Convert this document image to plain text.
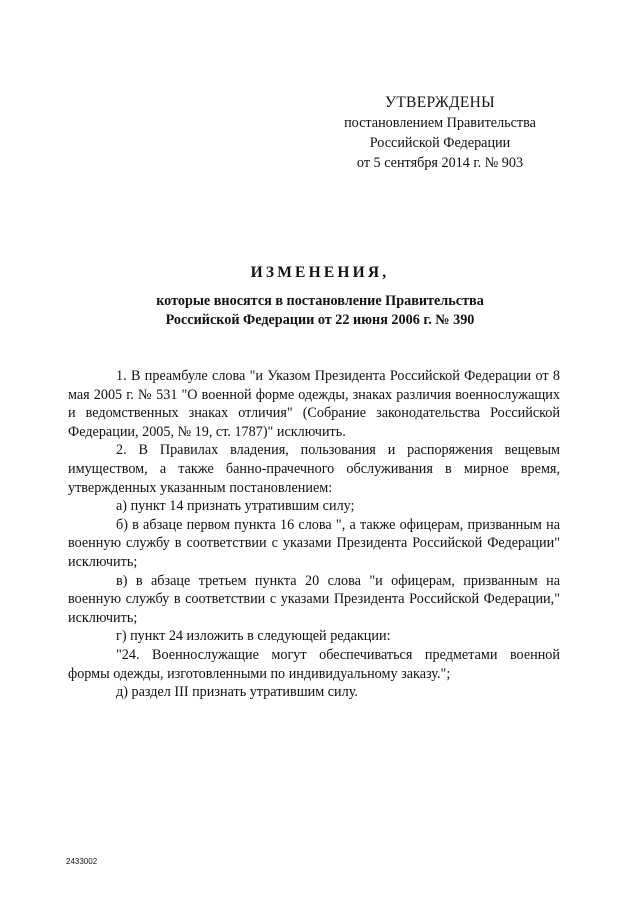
УТВЕРЖДЕНЫ
постановлением Правительства
Российской Федерации
от 5 сентября 2014 г. № 903
ИЗМЕНЕНИЯ,
которые вносятся в постановление Правительства
Российской Федерации от 22 июня 2006 г. № 390

1. В преамбуле слова "и Указом Президента Российской Федерации от 8 мая 2005 г. № 531 "О военной форме одежды, знаках различия военнослужащих и ведомственных знаках отличия" (Собрание законодательства Российской Федерации, 2005, № 19, ст. 1787)" исключить.

2. В Правилах владения, пользования и распоряжения вещевым имуществом, а также банно-прачечного обслуживания в мирное время, утвержденных указанным постановлением:

а) пункт 14 признать утратившим силу;

б) в абзаце первом пункта 16 слова ", а также офицерам, призванным на военную службу в соответствии с указами Президента Российской Федерации" исключить;

в) в абзаце третьем пункта 20 слова "и офицерам, призванным на военную службу в соответствии с указами Президента Российской Федерации," исключить;

г) пункт 24 изложить в следующей редакции:

"24. Военнослужащие могут обеспечиваться предметами военной формы одежды, изготовленными по индивидуальному заказу.";

д) раздел III признать утратившим силу.

2433002
